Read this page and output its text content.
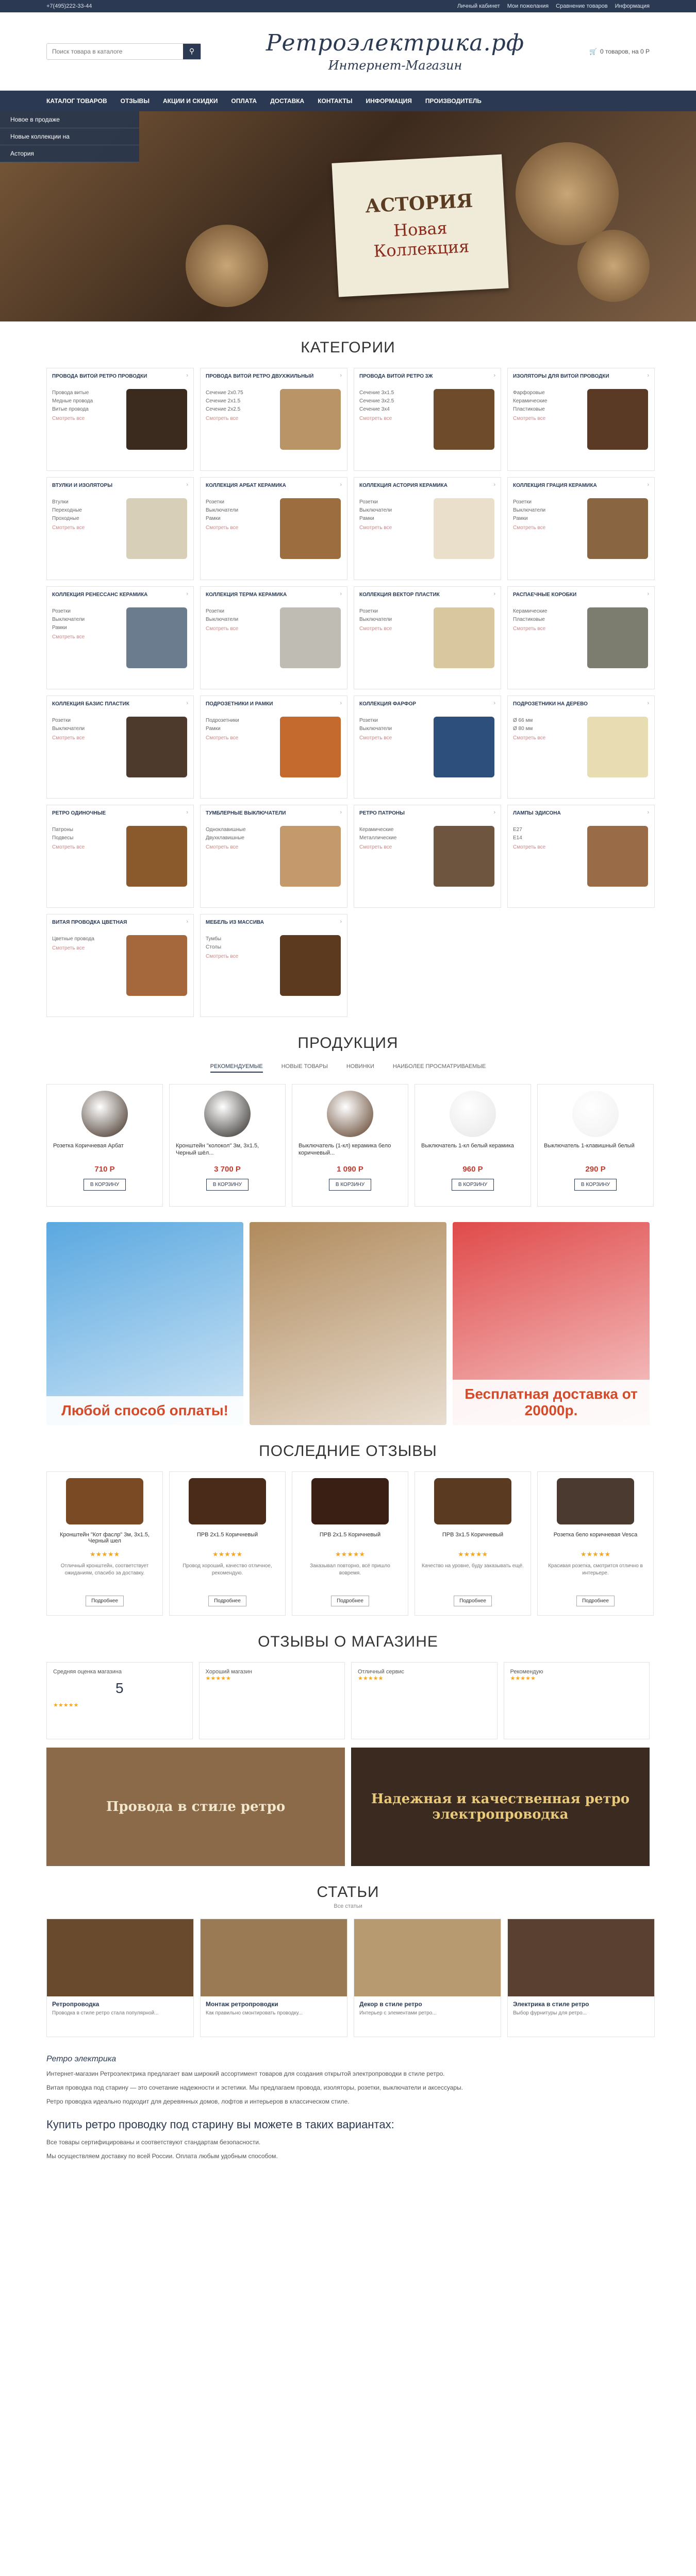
+7(495)222-33-44	Личный кабинет Мои пожелания Сравнение товаров Информация
Поиск товара в каталоге
⚲	Ретроэлектрика.рф
Интернет-Магазин
🛒 0 товаров, на 0 Р
КАТАЛОГ ТОВАРОВ ОТЗЫВЫ АКЦИИ И СКИДКИ ОПЛАТА ДОСТАВКА КОНТАКТЫ ИНФОРМАЦИЯ ПРОИЗВОДИТЕЛЬ
Новое в продаже
Новые коллекции на
Астория
АСТОРИЯ
Новая
Коллекция
КАТЕГОРИИ
›
ПРОВОДА ВИТОЙ РЕТРО ПРОВОДКИ
Провода витые
Медные провода
Витые провода
Смотреть все
›
ПРОВОДА ВИТОЙ РЕТРО ДВУХЖИЛЬНЫЙ
Сечение 2х0.75
Сечение 2х1.5
Сечение 2х2.5
Смотреть все
›
ПРОВОДА ВИТОЙ РЕТРО 3Ж
Сечение 3х1.5
Сечение 3х2.5
Сечение 3х4
Смотреть все
›
ИЗОЛЯТОРЫ ДЛЯ ВИТОЙ ПРОВОДКИ
Фарфоровые
Керамические
Пластиковые
Смотреть все
›
ВТУЛКИ И ИЗОЛЯТОРЫ
Втулки
Переходные
Проходные
Смотреть все
›
КОЛЛЕКЦИЯ АРБАТ КЕРАМИКА
Розетки
Выключатели
Рамки
Смотреть все
›
КОЛЛЕКЦИЯ АСТОРИЯ КЕРАМИКА
Розетки
Выключатели
Рамки
Смотреть все
›
КОЛЛЕКЦИЯ ГРАЦИЯ КЕРАМИКА
Розетки
Выключатели
Рамки
Смотреть все
›
КОЛЛЕКЦИЯ РЕНЕССАНС КЕРАМИКА
Розетки
Выключатели
Рамки
Смотреть все
›
КОЛЛЕКЦИЯ ТЕРМА КЕРАМИКА
Розетки
Выключатели
Смотреть все
›
КОЛЛЕКЦИЯ ВЕКТОР ПЛАСТИК
Розетки
Выключатели
Смотреть все
›
РАСПАЕЧНЫЕ КОРОБКИ
Керамические
Пластиковые
Смотреть все
›
КОЛЛЕКЦИЯ БАЗИС ПЛАСТИК
Розетки
Выключатели
Смотреть все
›
ПОДРОЗЕТНИКИ И РАМКИ
Подрозетники
Рамки
Смотреть все
›
КОЛЛЕКЦИЯ ФАРФОР
Розетки
Выключатели
Смотреть все
›
ПОДРОЗЕТНИКИ НА ДЕРЕВО
Ø 66 мм
Ø 80 мм
Смотреть все
›
РЕТРО ОДИНОЧНЫЕ
Патроны
Подвесы
Смотреть все
›
ТУМБЛЕРНЫЕ ВЫКЛЮЧАТЕЛИ
Одноклавишные
Двухклавишные
Смотреть все
›
РЕТРО ПАТРОНЫ
Керамические
Металлические
Смотреть все
›
ЛАМПЫ ЭДИСОНА
E27
E14
Смотреть все
›
ВИТАЯ ПРОВОДКА ЦВЕТНАЯ
Цветные провода
Смотреть все
›
МЕБЕЛЬ ИЗ МАССИВА
Тумбы
Столы
Смотреть все
ПРОДУКЦИЯ
РЕКОМЕНДУЕМЫЕ	НОВЫЕ ТОВАРЫ	НОВИНКИ	НАИБОЛЕЕ ПРОСМАТРИВАЕМЫЕ
Розетка Коричневая Арбат
710 Р
В КОРЗИНУ
Кронштейн "колокол" 3м, 3х1.5, Черный шёл...
3 700 Р
В КОРЗИНУ
Выключатель (1-кл) керамика бело коричневый...
1 090 Р
В КОРЗИНУ
Выключатель 1-кл белый керамика
960 Р
В КОРЗИНУ
Выключатель 1-клавишный белый
290 Р
В КОРЗИНУ
Любой способ оплаты!
Бесплатная доставка от 20000р.
ПОСЛЕДНИЕ ОТЗЫВЫ
Кронштейн "Кот фаслр" 3м, 3х1.5, Черный шел
★★★★★
Отличный кронштейн, соответствует ожиданиям, спасибо за доставку.
Подробнее
ПРВ 2х1.5 Коричневый
★★★★★
Провод хороший, качество отличное, рекомендую.
Подробнее
ПРВ 2х1.5 Коричневый
★★★★★
Заказывал повторно, всё пришло вовремя.
Подробнее
ПРВ 3х1.5 Коричневый
★★★★★
Качество на уровне, буду заказывать ещё.
Подробнее
Розетка бело коричневая Vesca
★★★★★
Красивая розетка, смотрится отлично в интерьере.
Подробнее
ОТЗЫВЫ О МАГАЗИНЕ
Средняя оценка магазина
5
★★★★★
Хороший магазин
★★★★★
Отличный сервис
★★★★★
Рекомендую
★★★★★
Провода в стиле ретро	Надежная и качественная ретро электропроводка
СТАТЬИ
Все статьи
Ретропроводка
Проводка в стиле ретро стала популярной...
Монтаж ретропроводки
Как правильно смонтировать проводку...
Декор в стиле ретро
Интерьер с элементами ретро...
Электрика в стиле ретро
Выбор фурнитуры для ретро...
Ретро электрика

Интернет-магазин Ретроэлектрика предлагает вам широкий ассортимент товаров для создания открытой электропроводки в стиле ретро.

Витая проводка под старину — это сочетание надежности и эстетики. Мы предлагаем провода, изоляторы, розетки, выключатели и аксессуары.

Ретро проводка идеально подходит для деревянных домов, лофтов и интерьеров в классическом стиле.

Купить ретро проводку под старину вы можете в таких вариантах:

Все товары сертифицированы и соответствуют стандартам безопасности.

Мы осуществляем доставку по всей России. Оплата любым удобным способом.
